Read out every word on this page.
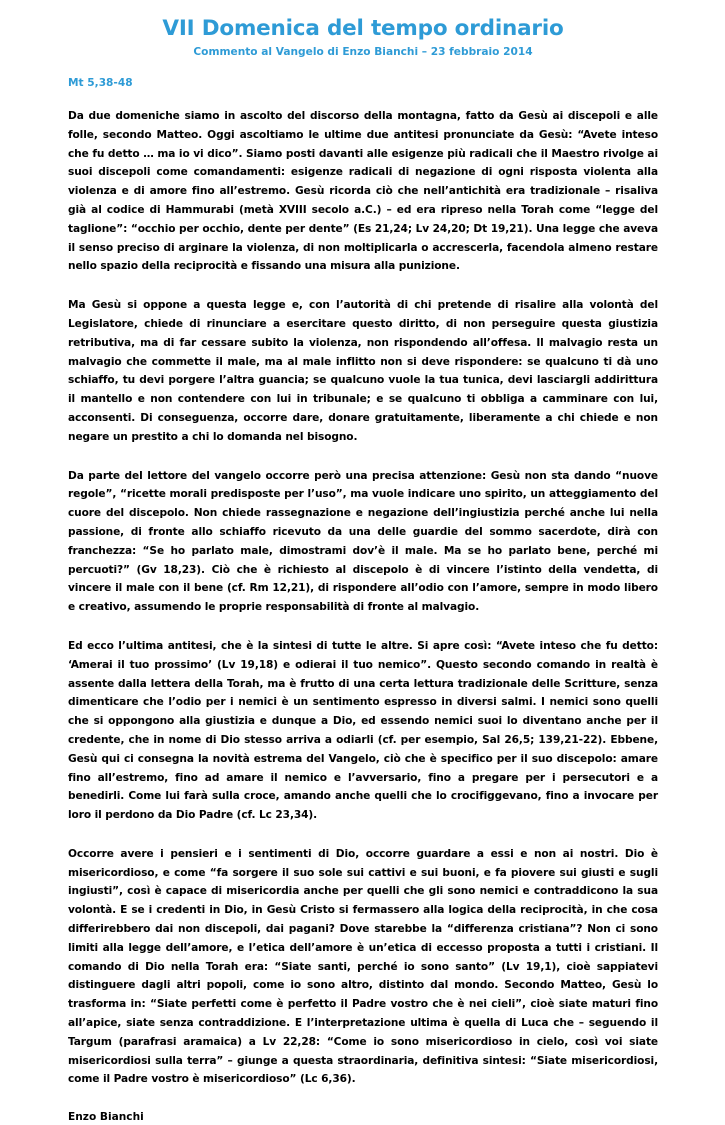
VII Domenica del tempo ordinario

Commento al Vangelo di Enzo Bianchi – 23 febbraio 2014

Mt 5,38-48

Da due domeniche siamo in ascolto del discorso della montagna, fatto da Gesù ai discepoli e alle folle, secondo Matteo. Oggi ascoltiamo le ultime due antitesi pronunciate da Gesù: “Avete inteso che fu detto … ma io vi dico”. Siamo posti davanti alle esigenze più radicali che il Maestro rivolge ai suoi discepoli come comandamenti: esigenze radicali di negazione di ogni risposta violenta alla violenza e di amore fino all’estremo. Gesù ricorda ciò che nell’antichità era tradizionale – risaliva già al codice di Hammurabi (metà XVIII secolo a.C.) – ed era ripreso nella Torah come “legge del taglione”: “occhio per occhio, dente per dente” (Es 21,24; Lv 24,20; Dt 19,21). Una legge che aveva il senso preciso di arginare la violenza, di non moltiplicarla o accrescerla, facendola almeno restare nello spazio della reciprocità e fissando una misura alla punizione.

Ma Gesù si oppone a questa legge e, con l’autorità di chi pretende di risalire alla volontà del Legislatore, chiede di rinunciare a esercitare questo diritto, di non perseguire questa giustizia retributiva, ma di far cessare subito la violenza, non rispondendo all’offesa. Il malvagio resta un malvagio che commette il male, ma al male inflitto non si deve rispondere: se qualcuno ti dà uno schiaffo, tu devi porgere l’altra guancia; se qualcuno vuole la tua tunica, devi lasciargli addirittura il mantello e non contendere con lui in tribunale; e se qualcuno ti obbliga a camminare con lui, acconsenti. Di conseguenza, occorre dare, donare gratuitamente, liberamente a chi chiede e non negare un prestito a chi lo domanda nel bisogno.

Da parte del lettore del vangelo occorre però una precisa attenzione: Gesù non sta dando “nuove regole”, “ricette morali predisposte per l’uso”, ma vuole indicare uno spirito, un atteggiamento del cuore del discepolo. Non chiede rassegnazione e negazione dell’ingiustizia perché anche lui nella passione, di fronte allo schiaffo ricevuto da una delle guardie del sommo sacerdote, dirà con franchezza: “Se ho parlato male, dimostrami dov’è il male. Ma se ho parlato bene, perché mi percuoti?” (Gv 18,23). Ciò che è richiesto al discepolo è di vincere l’istinto della vendetta, di vincere il male con il bene (cf. Rm 12,21), di rispondere all’odio con l’amore, sempre in modo libero e creativo, assumendo le proprie responsabilità di fronte al malvagio.

Ed ecco l’ultima antitesi, che è la sintesi di tutte le altre. Si apre così: “Avete inteso che fu detto: ‘Amerai il tuo prossimo’ (Lv 19,18) e odierai il tuo nemico”. Questo secondo comando in realtà è assente dalla lettera della Torah, ma è frutto di una certa lettura tradizionale delle Scritture, senza dimenticare che l’odio per i nemici è un sentimento espresso in diversi salmi. I nemici sono quelli che si oppongono alla giustizia e dunque a Dio, ed essendo nemici suoi lo diventano anche per il credente, che in nome di Dio stesso arriva a odiarli (cf. per esempio, Sal 26,5; 139,21-22). Ebbene, Gesù qui ci consegna la novità estrema del Vangelo, ciò che è specifico per il suo discepolo: amare fino all’estremo, fino ad amare il nemico e l’avversario, fino a pregare per i persecutori e a benedirli. Come lui farà sulla croce, amando anche quelli che lo crocifiggevano, fino a invocare per loro il perdono da Dio Padre (cf. Lc 23,34).

Occorre avere i pensieri e i sentimenti di Dio, occorre guardare a essi e non ai nostri. Dio è misericordioso, e come “fa sorgere il suo sole sui cattivi e sui buoni, e fa piovere sui giusti e sugli ingiusti”, così è capace di misericordia anche per quelli che gli sono nemici e contraddicono la sua volontà. E se i credenti in Dio, in Gesù Cristo si fermassero alla logica della reciprocità, in che cosa differirebbero dai non discepoli, dai pagani? Dove starebbe la “differenza cristiana”? Non ci sono limiti alla legge dell’amore, e l’etica dell’amore è un’etica di eccesso proposta a tutti i cristiani. Il comando di Dio nella Torah era: “Siate santi, perché io sono santo” (Lv 19,1), cioè sappiatevi distinguere dagli altri popoli, come io sono altro, distinto dal mondo. Secondo Matteo, Gesù lo trasforma in: “Siate perfetti come è perfetto il Padre vostro che è nei cieli”, cioè siate maturi fino all’apice, siate senza contraddizione. E l’interpretazione ultima è quella di Luca che – seguendo il Targum (parafrasi aramaica) a Lv 22,28: “Come io sono misericordioso in cielo, così voi siate misericordiosi sulla terra” – giunge a questa straordinaria, definitiva sintesi: “Siate misericordiosi, come il Padre vostro è misericordioso” (Lc 6,36).

Enzo Bianchi
